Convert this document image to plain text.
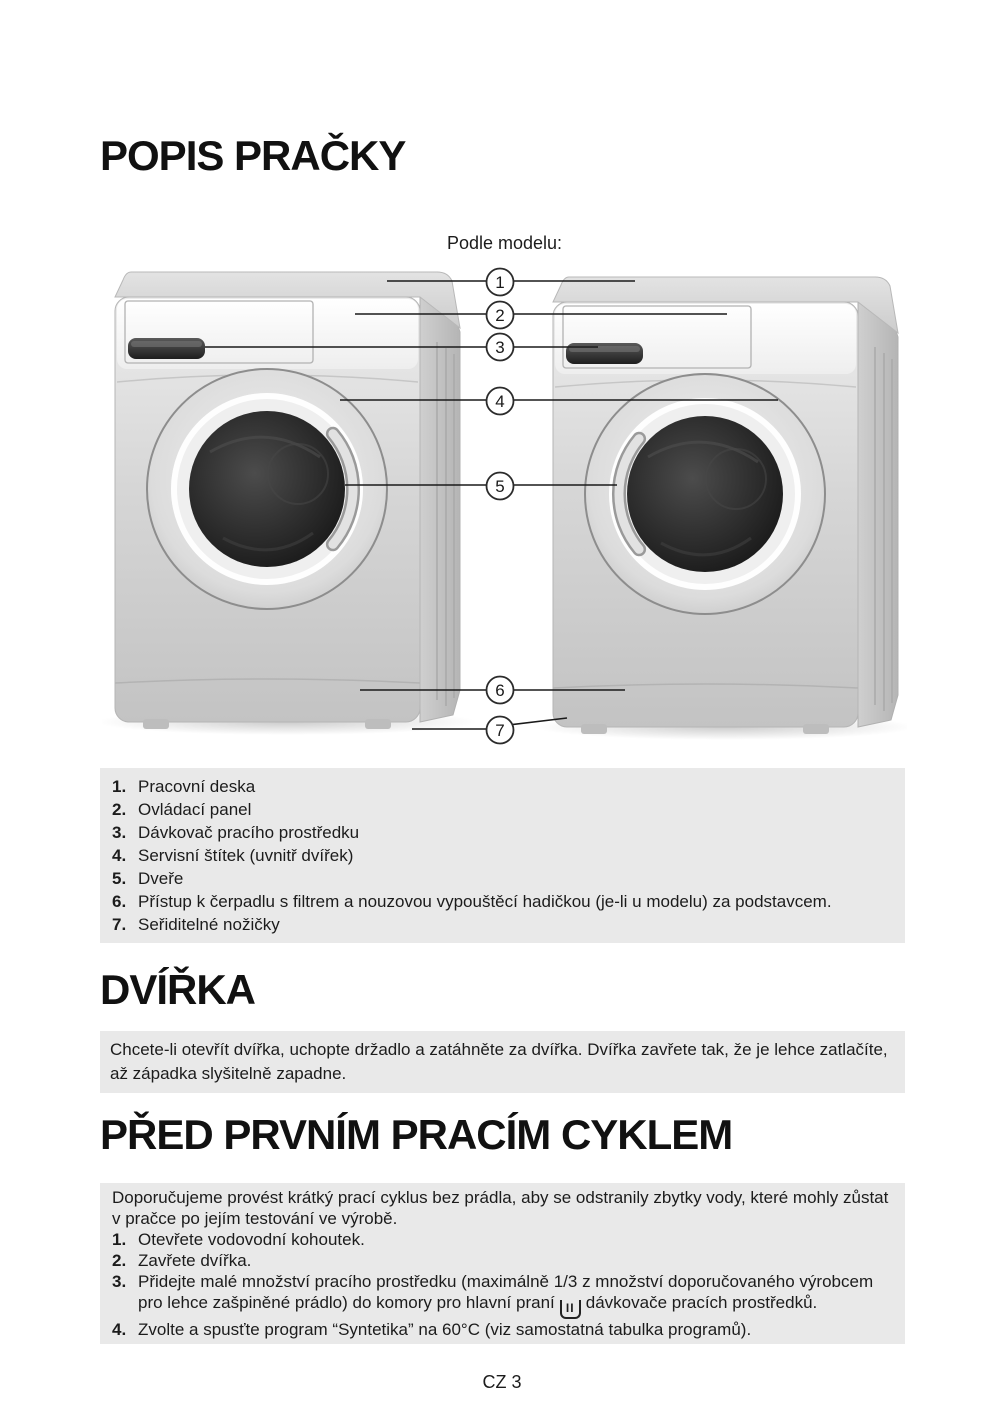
POPIS PRAČKY
Podle modelu:
1
2
3
4
5
6
7
1. Pracovní deska
2. Ovládací panel
3. Dávkovač pracího prostředku
4. Servisní štítek (uvnitř dvířek)
5. Dveře
6. Přístup k čerpadlu s filtrem a nouzovou vypouštěcí hadičkou (je-li u modelu) za podstavcem.
7. Seřiditelné nožičky
DVÍŘKA
Chcete-li otevřít dvířka, uchopte držadlo a zatáhněte za dvířka. Dvířka zavřete tak, že je lehce zatlačíte, až západka slyšitelně zapadne.
PŘED PRVNÍM PRACÍM CYKLEM

Doporučujeme provést krátký prací cyklus bez prádla, aby se odstranily zbytky vody, které mohly zůstat v pračce po jejím testování ve výrobě.

1. Otevřete vodovodní kohoutek.
2. Zavřete dvířka.
3. Přidejte malé množství pracího prostředku (maximálně 1/3 z množství doporučovaného výrobcem pro lehce zašpiněné prádlo) do komory pro hlavní praní II dávkovače pracích prostředků.
4. Zvolte a spusťte program “Syntetika” na 60°C (viz samostatná tabulka programů).
CZ 3
